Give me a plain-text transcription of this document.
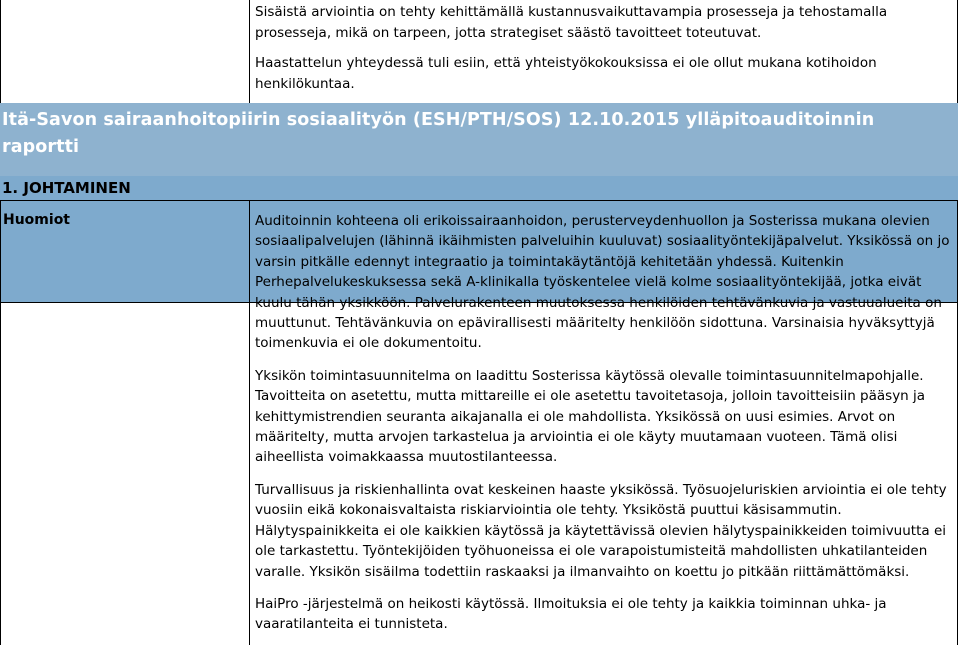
Sisäistä arviointia on tehty kehittämällä kustannusvaikuttavampia prosesseja ja tehostamalla prosesseja, mikä on tarpeen, jotta strategiset säästö tavoitteet toteutuvat.

Haastattelun yhteydessä tuli esiin, että yhteistyökokouksissa ei ole ollut mukana kotihoidon henkilökuntaa.

Itä-Savon sairaanhoitopiirin sosiaalityön (ESH/PTH/SOS) 12.10.2015 ylläpitoauditoinnin raportti
1. JOHTAMINEN
Huomiot	Auditoinnin kohteena oli erikoissairaanhoidon, perusterveydenhuollon ja Sosterissa mukana olevien sosiaalipalvelujen (lähinnä ikäihmisten palveluihin kuuluvat) sosiaalityöntekijäpalvelut. Yksikössä on jo varsin pitkälle edennyt integraatio ja toimintakäytäntöjä kehitetään yhdessä. Kuitenkin Perhepalvelukeskuksessa sekä A-klinikalla työskentelee vielä kolme sosiaalityöntekijää, jotka eivät kuulu tähän yksikköön. Palvelurakenteen muutoksessa henkilöiden tehtävänkuvia ja vastuualueita on muuttunut. Tehtävänkuvia on epävirallisesti määritelty henkilöön sidottuna. Varsinaisia hyväksyttyjä toimenkuvia ei ole dokumentoitu.

Yksikön toimintasuunnitelma on laadittu Sosterissa käytössä olevalle toimintasuunnitelmapohjalle. Tavoitteita on asetettu, mutta mittareille ei ole asetettu tavoitetasoja, jolloin tavoitteisiin pääsyn ja kehittymistrendien seuranta aikajanalla ei ole mahdollista. Yksikössä on uusi esimies. Arvot on määritelty, mutta arvojen tarkastelua ja arviointia ei ole käyty muutamaan vuoteen. Tämä olisi aiheellista voimakkaassa muutostilanteessa.

Turvallisuus ja riskienhallinta ovat keskeinen haaste yksikössä. Työsuojeluriskien arviointia ei ole tehty vuosiin eikä kokonaisvaltaista riskiarviointia ole tehty. Yksiköstä puuttui käsisammutin. Hälytyspainikkeita ei ole kaikkien käytössä ja käytettävissä olevien hälytyspainikkeiden toimivuutta ei ole tarkastettu. Työntekijöiden työhuoneissa ei ole varapoistumisteitä mahdollisten uhkatilanteiden varalle. Yksikön sisäilma todettiin raskaaksi ja ilmanvaihto on koettu jo pitkään riittämättömäksi.

HaiPro -järjestelmä on heikosti käytössä. Ilmoituksia ei ole tehty ja kaikkia toiminnan uhka- ja vaaratilanteita ei tunnisteta.
